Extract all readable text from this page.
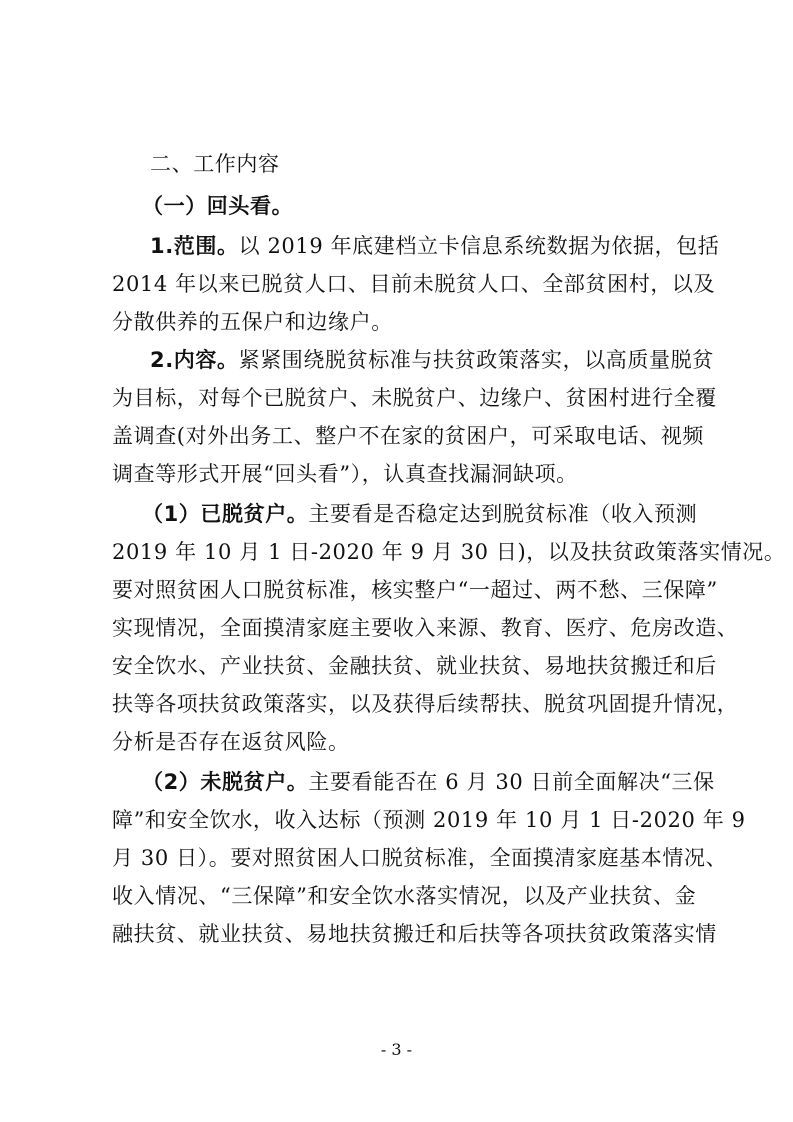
二、工作内容
（一）回头看。
1.范围。以 2019 年底建档立卡信息系统数据为依据，包括
2014 年以来已脱贫人口、目前未脱贫人口、全部贫困村，以及
分散供养的五保户和边缘户。
2.内容。紧紧围绕脱贫标准与扶贫政策落实，以高质量脱贫
为目标，对每个已脱贫户、未脱贫户、边缘户、贫困村进行全覆
盖调查(对外出务工、整户不在家的贫困户，可采取电话、视频
调查等形式开展“回头看”），认真查找漏洞缺项。
（1）已脱贫户。主要看是否稳定达到脱贫标准（收入预测
2019 年 10 月 1 日-2020 年 9 月 30 日)，以及扶贫政策落实情况。
要对照贫困人口脱贫标准，核实整户“一超过、两不愁、三保障”
实现情况，全面摸清家庭主要收入来源、教育、医疗、危房改造、
安全饮水、产业扶贫、金融扶贫、就业扶贫、易地扶贫搬迁和后
扶等各项扶贫政策落实，以及获得后续帮扶、脱贫巩固提升情况，
分析是否存在返贫风险。
（2）未脱贫户。主要看能否在 6 月 30 日前全面解决“三保
障”和安全饮水，收入达标（预测 2019 年 10 月 1 日-2020 年 9
月 30 日）。要对照贫困人口脱贫标准，全面摸清家庭基本情况、
收入情况、“三保障”和安全饮水落实情况，以及产业扶贫、金
融扶贫、就业扶贫、易地扶贫搬迁和后扶等各项扶贫政策落实情
- 3 -
